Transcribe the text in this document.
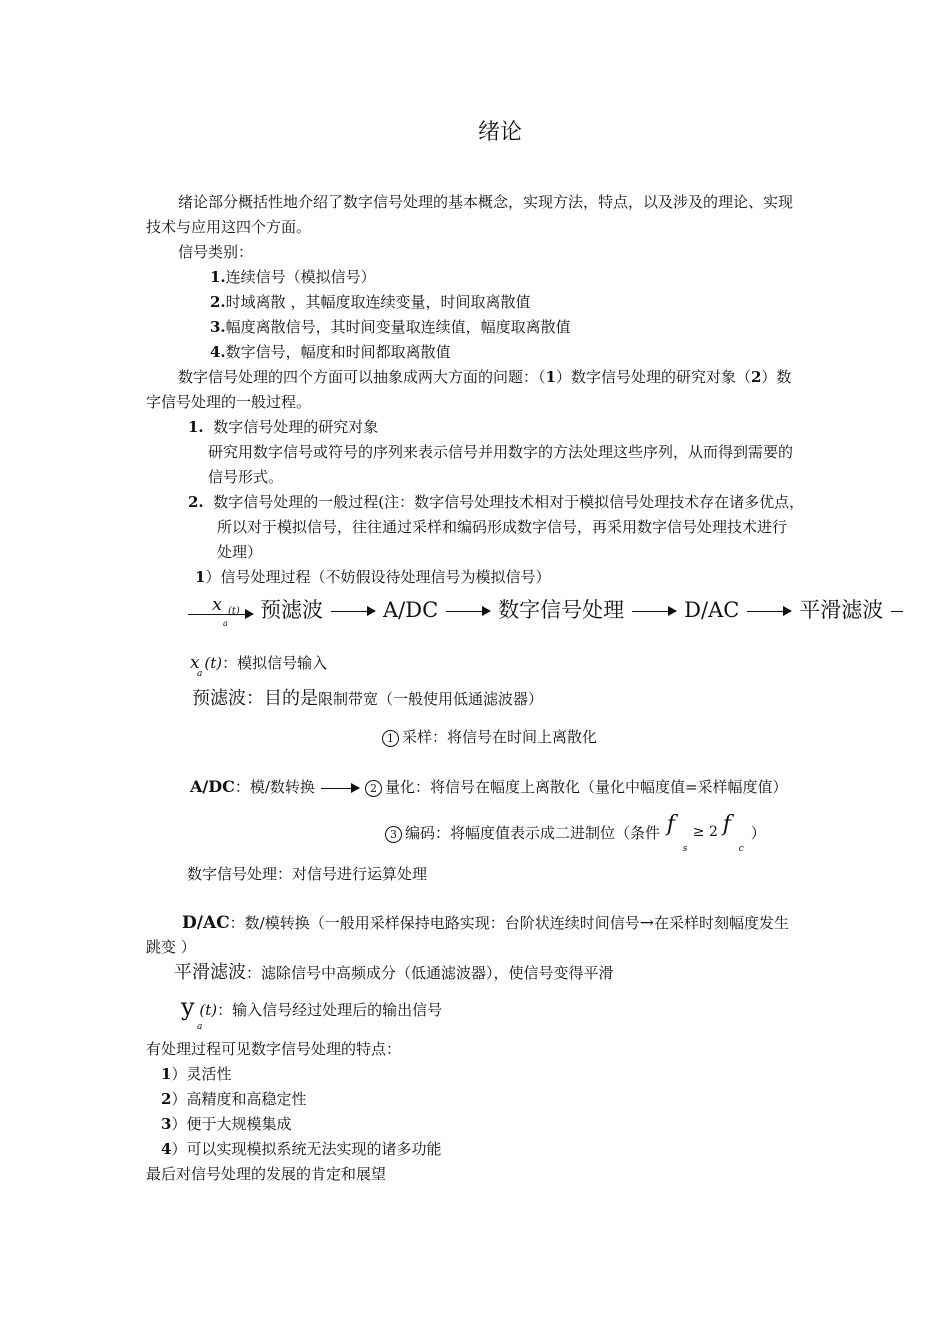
绪论
绪论部分概括性地介绍了数字信号处理的基本概念，实现方法，特点，以及涉及的理论、实现
技术与应用这四个方面。
信号类别：
1.连续信号（模拟信号）
2.时域离散 ，其幅度取连续变量，时间取离散值
3.幅度离散信号，其时间变量取连续值，幅度取离散值
4.数字信号，幅度和时间都取离散值
数字信号处理的四个方面可以抽象成两大方面的问题：（1）数字信号处理的研究对象（2）数
字信号处理的一般过程。
1. 数字信号处理的研究对象
研究用数字信号或符号的序列来表示信号并用数字的方法处理这些序列，从而得到需要的
信号形式。
2. 数字信号处理的一般过程(注：数字信号处理技术相对于模拟信号处理技术存在诸多优点，
所以对于模拟信号，往往通过采样和编码形成数字信号，再采用数字信号处理技术进行
处理）
1）信号处理过程（不妨假设待处理信号为模拟信号）
x (t)
a
预滤波	A/DC	数字信号处理	D/AC	平滑滤波
x (t)：模拟信号输入
a
预滤波：目的是限制带宽（一般使用低通滤波器）
1 采样：将信号在时间上离散化
A/DC：模/数转换	2 量化：将信号在幅度上离散化（量化中幅度值=采样幅度值）
3 编码：将幅度值表示成二进制位（条件 f
s
≥ 2 f
c
）
数字信号处理：对信号进行运算处理
D/AC：数/模转换（一般用采样保持电路实现：台阶状连续时间信号→在采样时刻幅度发生
跳变 ）
平滑滤波：滤除信号中高频成分（低通滤波器），使信号变得平滑
y (t)：输入信号经过处理后的输出信号
a
有处理过程可见数字信号处理的特点：
1）灵活性
2）高精度和高稳定性
3）便于大规模集成
4）可以实现模拟系统无法实现的诸多功能
最后对信号处理的发展的肯定和展望
